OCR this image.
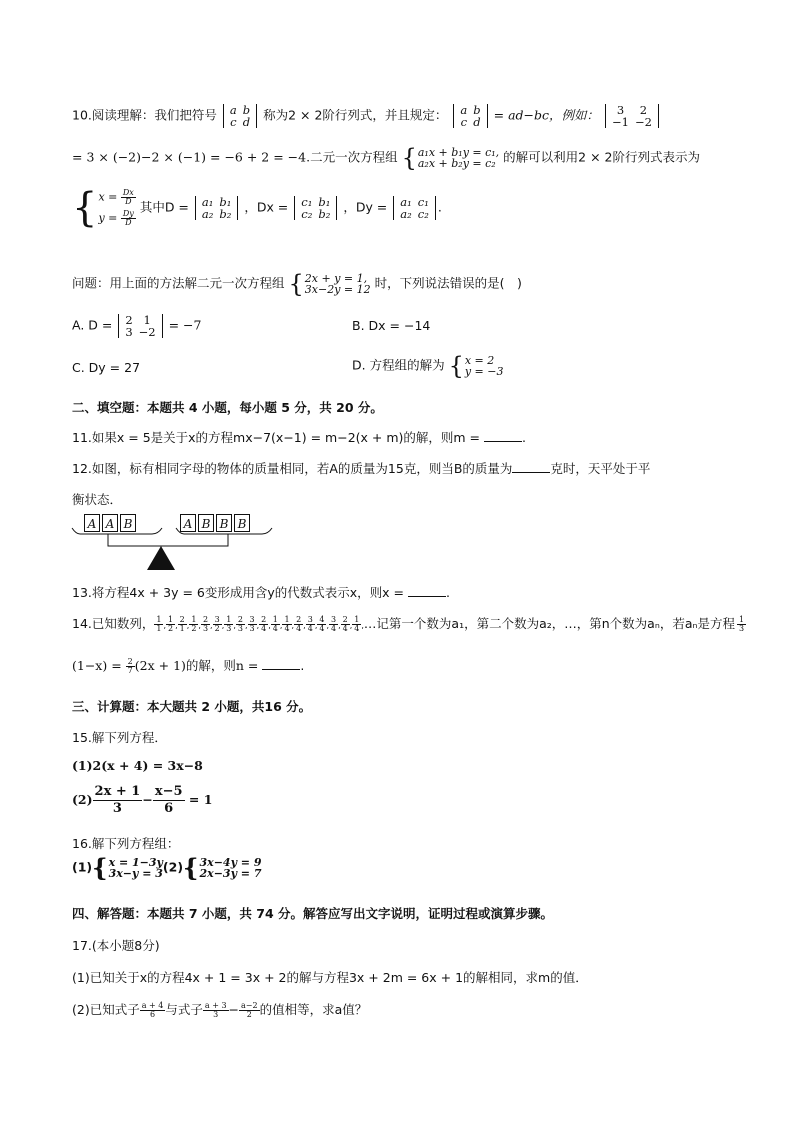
10.阅读理解：我们把符号 a	b
c	d 称为2 × 2阶行列式，并且规定： a	b
c	d = ad−bc，例如： 3	2
−1	−2
= 3 × (−2)−2 × (−1) = −6 + 2 = −4.二元一次方程组 { a₁x + b₁y = c₁,
a₂x + b₂y = c₂ 的解可以利用2 × 2阶行列式表示为
{ $x = \frac{Dx}{D}$
$y = \frac{Dy}{D}$
其中D = a₁	b₁
a₂	b₂ ，Dx = c₁	b₁
c₂	b₂ ，Dy = a₁	c₁
a₂	c₂ .
问题：用上面的方法解二元一次方程组 { 2x + y = 1,
3x−2y = 12 时，下列说法错误的是(　)
A. D = 2	1
3	−2 = −7	B. Dx = −14
C. Dy = 27	D. 方程组的解为 { x = 2
y = −3
二、填空题：本题共 4 小题，每小题 5 分，共 20 分。
11.如果x = 5是关于x的方程mx−7(x−1) = m−2(x + m)的解，则m =	.
12.如图，标有相同字母的物体的质量相同，若A的质量为15克，则当B的质量为	克时，天平处于平
衡状态．
A A B	A B B B
13.将方程4x + 3y = 6变形成用含y的代数式表示x，则x =	.
14.已知数列， $\frac{1}{1}$ , $\frac{1}{2}$ , $\frac{2}{1}$ , $\frac{1}{2}$ , $\frac{2}{3}$ , $\frac{3}{2}$ , $\frac{1}{3}$ , $\frac{2}{3}$ , $\frac{3}{3}$ , $\frac{2}{4}$ , $\frac{1}{4}$ , $\frac{1}{4}$ , $\frac{2}{4}$ , $\frac{3}{4}$ , $\frac{4}{4}$ , $\frac{3}{4}$ , $\frac{2}{4}$ , $\frac{1}{4}$ ,…记第一个数为a₁，第二个数为a₂，…，第n个数为aₙ，若aₙ是方程 $\frac{1}{3}$
$(1-x) = \frac{2}{7} (2x + 1)$的解，则n =	.
三、计算题：本大题共 2 小题，共16 分。
15.解下列方程．
(1)2(x + 4) = 3x−8
$(2) \frac{2x + 1}{3} - \frac{x-5}{6} = 1$
16.解下列方程组：
(1){ x = 1−3y
3x−y = 3 (2){ 3x−4y = 9
2x−3y = 7
四、解答题：本题共 7 小题，共 74 分。解答应写出文字说明，证明过程或演算步骤。
17.(本小题8分)
(1)已知关于x的方程4x + 1 = 3x + 2的解与方程3x + 2m = 6x + 1的解相同，求m的值．
(2)已知式子 $\frac{a + 4}{6}$ 与式子 $\frac{a + 3}{3} - \frac{a-2}{2}$ 的值相等，求a值？
